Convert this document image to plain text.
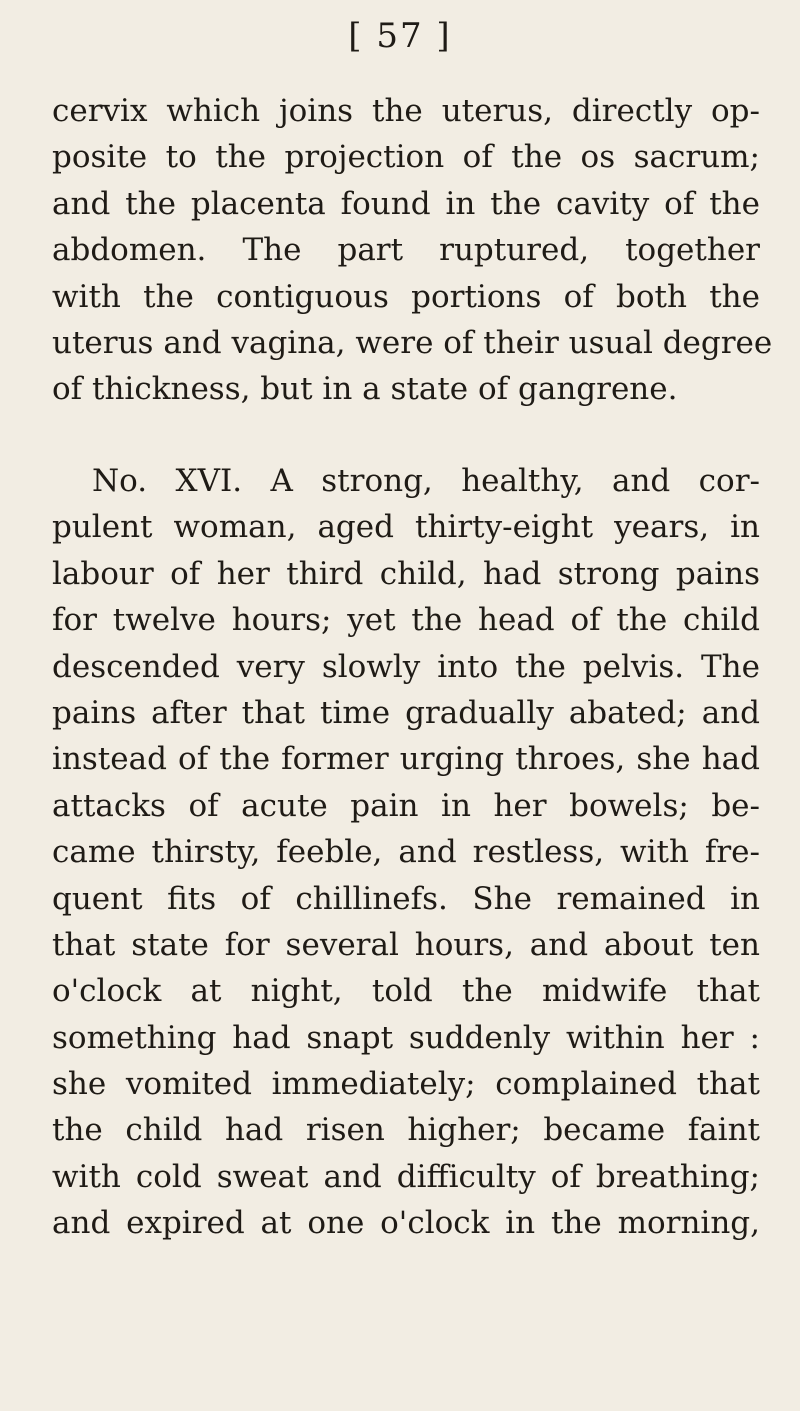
[ 57 ]
cervix which joins the uterus, directly op-
posite to the projection of the os sacrum;
and the placenta found in the cavity of the
abdomen. The part ruptured, together
with the contiguous portions of both the
uterus and vagina, were of their usual degree
of thickness, but in a state of gangrene.
No. XVI. A strong, healthy, and cor-
pulent woman, aged thirty-eight years, in
labour of her third child, had strong pains
for twelve hours; yet the head of the child
descended very slowly into the pelvis. The
pains after that time gradually abated; and
instead of the former urging throes, she had
attacks of acute pain in her bowels; be-
came thirsty, feeble, and restless, with fre-
quent fits of chillinefs. She remained in
that state for several hours, and about ten
o'clock at night, told the midwife that
something had snapt suddenly within her :
she vomited immediately; complained that
the child had risen higher; became faint
with cold sweat and difficulty of breathing;
and expired at one o'clock in the morning,
